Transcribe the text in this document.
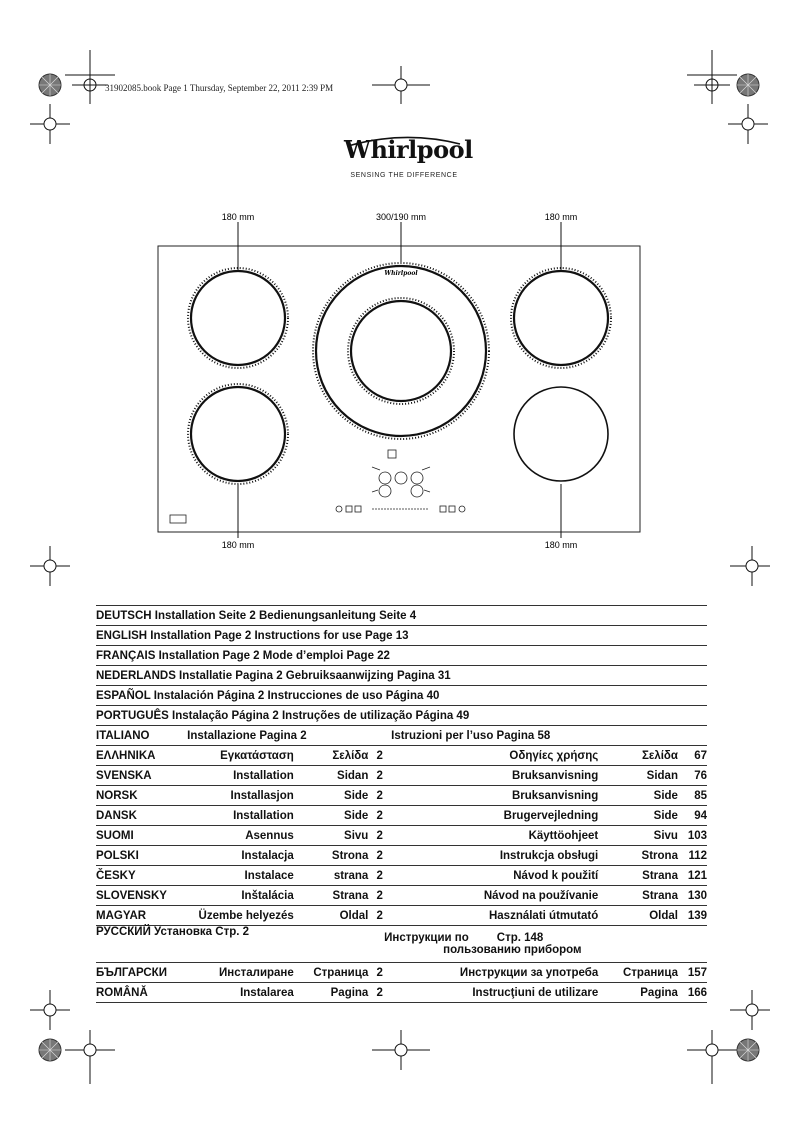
31902085.book Page 1 Thursday, September 22, 2011 2:39 PM
Whirlpool
SENSING THE DIFFERENCE
180 mm	300/190 mm	180 mm
180 mm	180 mm
Whirlpool
DEUTSCH Installation Seite 2 Bedienungsanleitung Seite 4						
ENGLISH Installation Page 2 Instructions for use Page 13						
FRANÇAIS Installation Page 2 Mode d’emploi Page 22						
NEDERLANDS Installatie Pagina 2 Gebruiksaanwijzing Pagina 31						
ESPAÑOL Instalación Página 2 Instrucciones de uso Página 40						
PORTUGUÊS Instalação Página 2 Instruções de utilização Página 49						
ITALIANO	Installazione Pagina 2			Istruzioni per l’uso Pagina 58		
ΕΛΛΗΝΙΚΑ	Εγκατάσταση	Σελίδα	2	Οδηγίες χρήσης	Σελίδα	67
SVENSKA	Installation	Sidan	2	Bruksanvisning	Sidan	76
NORSK	Installasjon	Side	2	Bruksanvisning	Side	85
DANSK	Installation	Side	2	Brugervejledning	Side	94
SUOMI	Asennus	Sivu	2	Käyttöohjeet	Sivu	103
POLSKI	Instalacja	Strona	2	Instrukcja obsługi	Strona	112
ČESKY	Instalace	strana	2	Návod k použití	Strana	121
SLOVENSKY	Inštalácia	Strana	2	Návod na používanie	Strana	130
MAGYAR	Üzembe helyezés	Oldal	2	Használati útmutató	Oldal	139
РУССКИЙ Установка Стр. 2				Инструкции по Стр. 148
пользованию прибором		
БЪЛГАРСКИ	Инсталиране	Страница	2	Инструкции за употреба	Страница	157
ROMÂNĂ	Instalarea	Pagina	2	Instrucţiuni de utilizare	Pagina	166
